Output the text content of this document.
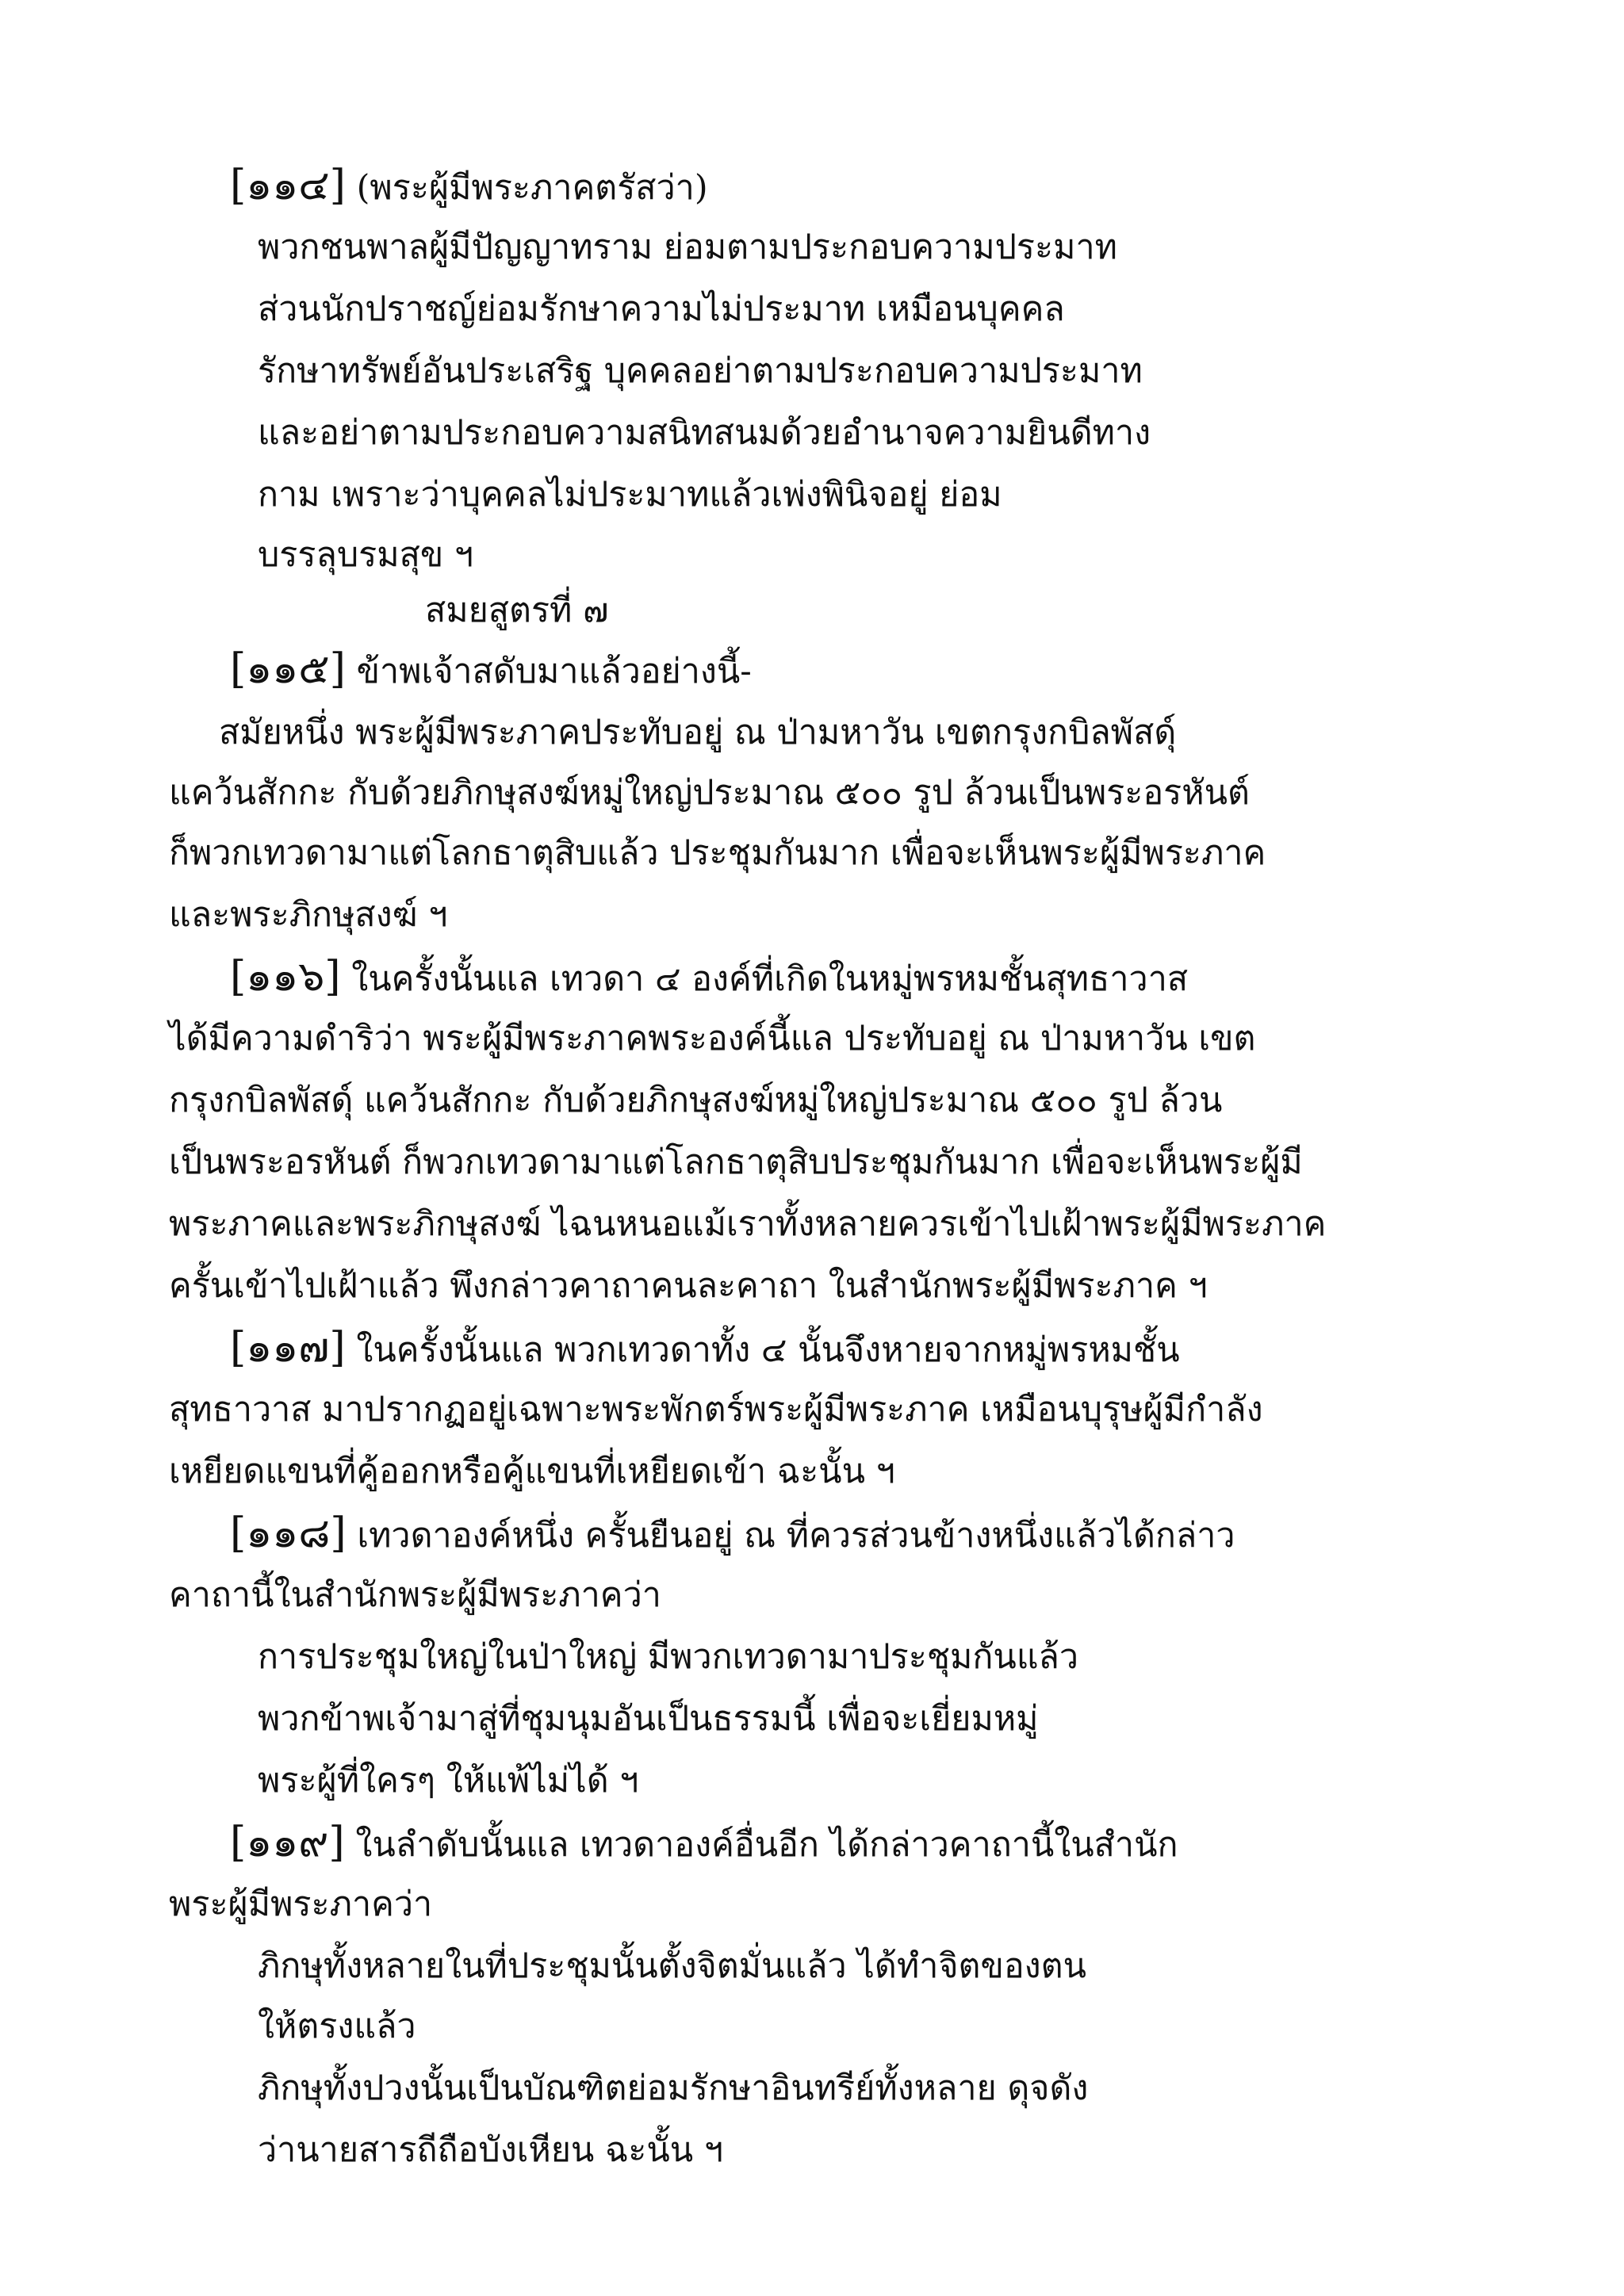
[๑๑๔] (พระผู้มีพระภาคตรัสว่า)

พวกชนพาลผู้มีปัญญาทราม ย่อมตามประกอบความประมาท

ส่วนนักปราชญ์ย่อมรักษาความไม่ประมาท เหมือนบุคคล

รักษาทรัพย์อันประเสริฐ บุคคลอย่าตามประกอบความประมาท

และอย่าตามประกอบความสนิทสนมด้วยอำนาจความยินดีทาง

กาม เพราะว่าบุคคลไม่ประมาทแล้วเพ่งพินิจอยู่ ย่อม

บรรลุบรมสุข ฯ

สมยสูตรที่ ๗

[๑๑๕] ข้าพเจ้าสดับมาแล้วอย่างนี้-

สมัยหนึ่ง พระผู้มีพระภาคประทับอยู่ ณ ป่ามหาวัน เขตกรุงกบิลพัสดุ์

แคว้นสักกะ กับด้วยภิกษุสงฆ์หมู่ใหญ่ประมาณ ๕๐๐ รูป ล้วนเป็นพระอรหันต์

ก็พวกเทวดามาแต่โลกธาตุสิบแล้ว ประชุมกันมาก เพื่อจะเห็นพระผู้มีพระภาค

และพระภิกษุสงฆ์ ฯ

[๑๑๖] ในครั้งนั้นแล เทวดา ๔ องค์ที่เกิดในหมู่พรหมชั้นสุทธาวาส

ได้มีความดำริว่า พระผู้มีพระภาคพระองค์นี้แล ประทับอยู่ ณ ป่ามหาวัน เขต

กรุงกบิลพัสดุ์ แคว้นสักกะ กับด้วยภิกษุสงฆ์หมู่ใหญ่ประมาณ ๕๐๐ รูป ล้วน

เป็นพระอรหันต์ ก็พวกเทวดามาแต่โลกธาตุสิบประชุมกันมาก เพื่อจะเห็นพระผู้มี

พระภาคและพระภิกษุสงฆ์ ไฉนหนอแม้เราทั้งหลายควรเข้าไปเฝ้าพระผู้มีพระภาค

ครั้นเข้าไปเฝ้าแล้ว พึงกล่าวคาถาคนละคาถา ในสำนักพระผู้มีพระภาค ฯ

[๑๑๗] ในครั้งนั้นแล พวกเทวดาทั้ง ๔ นั้นจึงหายจากหมู่พรหมชั้น

สุทธาวาส มาปรากฏอยู่เฉพาะพระพักตร์พระผู้มีพระภาค เหมือนบุรุษผู้มีกำลัง

เหยียดแขนที่คู้ออกหรือคู้แขนที่เหยียดเข้า ฉะนั้น ฯ

[๑๑๘] เทวดาองค์หนึ่ง ครั้นยืนอยู่ ณ ที่ควรส่วนข้างหนึ่งแล้วได้กล่าว

คาถานี้ในสำนักพระผู้มีพระภาคว่า

การประชุมใหญ่ในป่าใหญ่ มีพวกเทวดามาประชุมกันแล้ว

พวกข้าพเจ้ามาสู่ที่ชุมนุมอันเป็นธรรมนี้ เพื่อจะเยี่ยมหมู่

พระผู้ที่ใครๆ ให้แพ้ไม่ได้ ฯ

[๑๑๙] ในลำดับนั้นแล เทวดาองค์อื่นอีก ได้กล่าวคาถานี้ในสำนัก

พระผู้มีพระภาคว่า

ภิกษุทั้งหลายในที่ประชุมนั้นตั้งจิตมั่นแล้ว ได้ทำจิตของตน

ให้ตรงแล้ว

ภิกษุทั้งปวงนั้นเป็นบัณฑิตย่อมรักษาอินทรีย์ทั้งหลาย ดุจดัง

ว่านายสารถีถือบังเหียน ฉะนั้น ฯ
